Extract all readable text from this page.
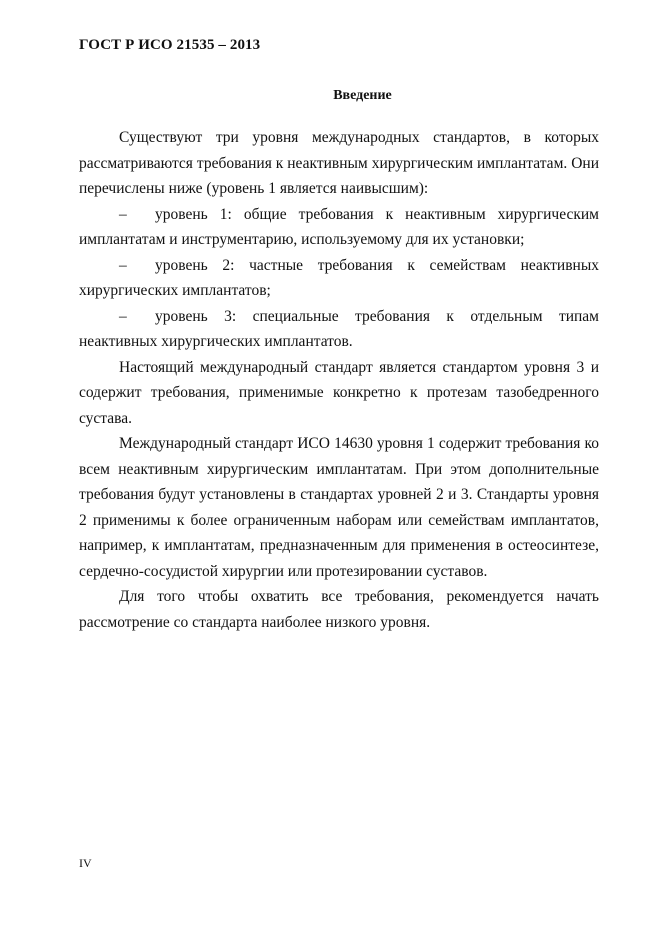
ГОСТ Р ИСО 21535 – 2013
Введение

Существуют три уровня международных стандартов, в которых рассматриваются требования к неактивным хирургическим имплантатам. Они перечислены ниже (уровень 1 является наивысшим):

– уровень 1: общие требования к неактивным хирургическим имплантатам и инструментарию, используемому для их установки;

– уровень 2: частные требования к семействам неактивных хирургических имплантатов;

– уровень 3: специальные требования к отдельным типам неактивных хирургических имплантатов.

Настоящий международный стандарт является стандартом уровня 3 и содержит требования, применимые конкретно к протезам тазобедренного сустава.

Международный стандарт ИСО 14630 уровня 1 содержит требования ко всем неактивным хирургическим имплантатам. При этом дополнительные требования будут установлены в стандартах уровней 2 и 3. Стандарты уровня 2 применимы к более ограниченным наборам или семействам имплантатов, например, к имплантатам, предназначенным для применения в остеосинтезе, сердечно-сосудистой хирургии или протезировании суставов.

Для того чтобы охватить все требования, рекомендуется начать рассмотрение со стандарта наиболее низкого уровня.

IV
